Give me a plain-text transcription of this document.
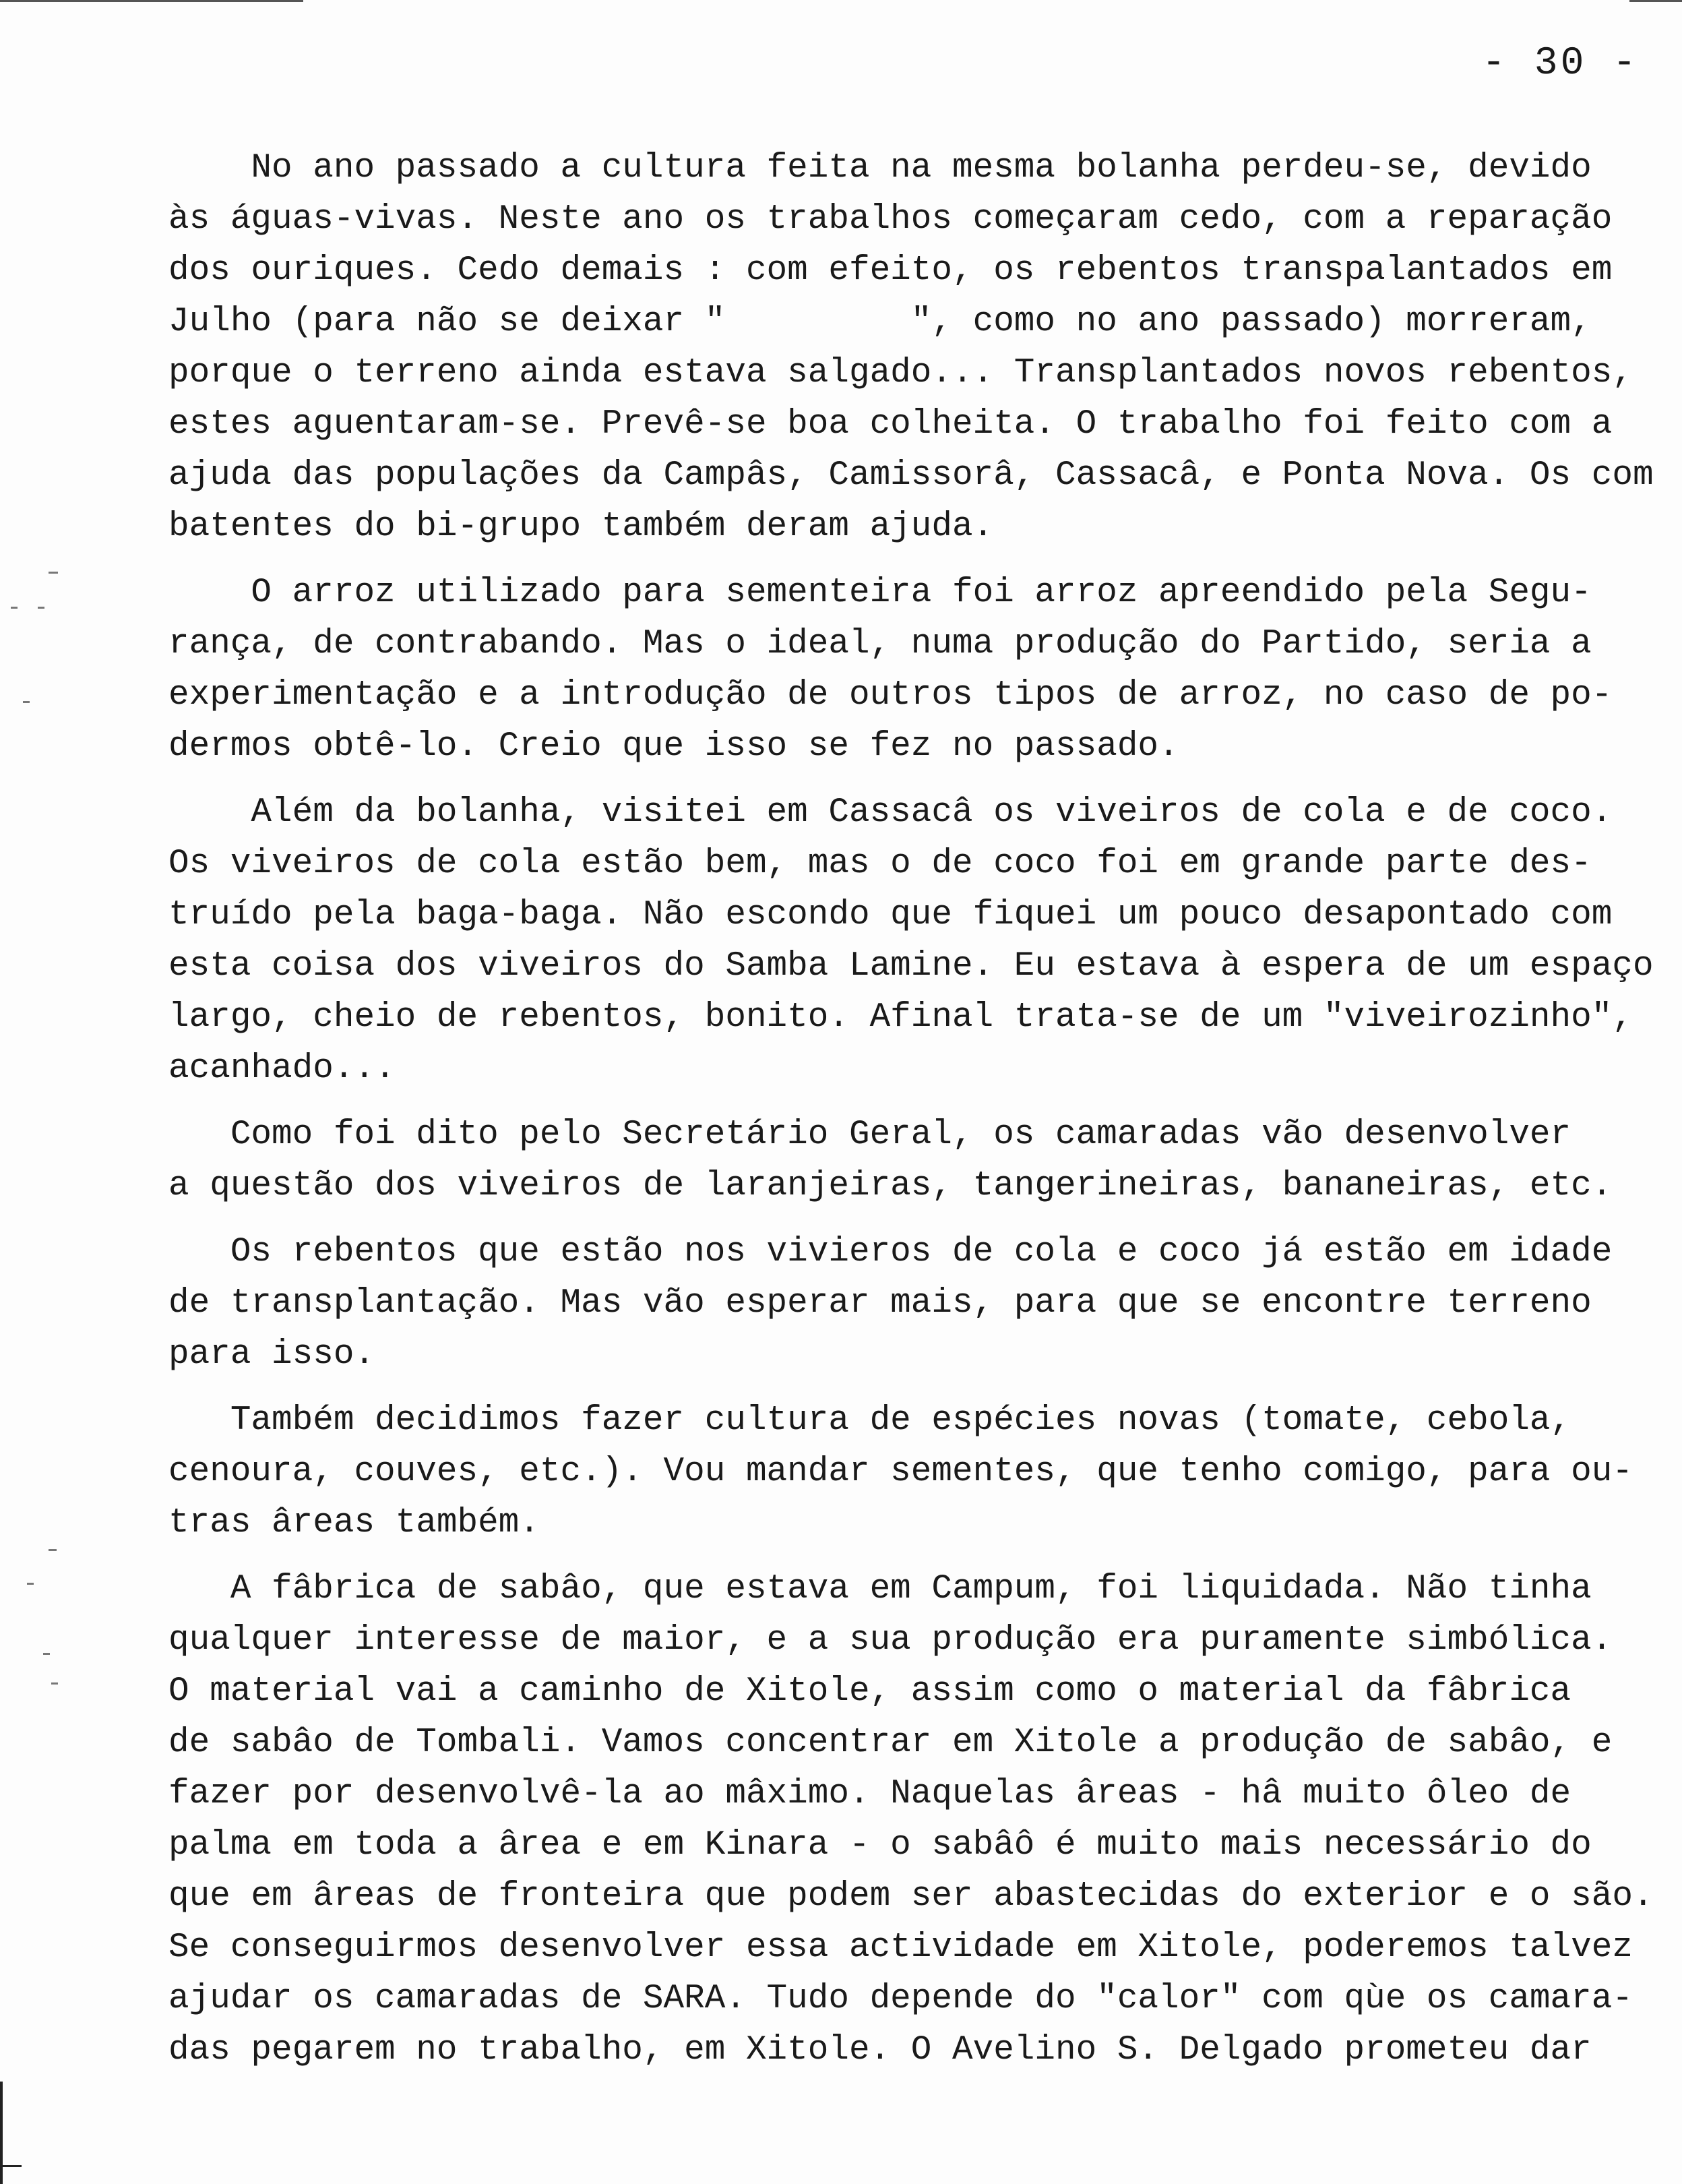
- 30 -
No ano passado a cultura feita na mesma bolanha perdeu-se, devido
às águas-vivas. Neste ano os trabalhos começaram cedo, com a reparação
dos ouriques. Cedo demais : com efeito, os rebentos transpalantados em
Julho (para não se deixar "         ", como no ano passado) morreram,
porque o terreno ainda estava salgado... Transplantados novos rebentos,
estes aguentaram-se. Prevê-se boa colheita. O trabalho foi feito com a
ajuda das populações da Campâs, Camissorâ, Cassacâ, e Ponta Nova. Os com
batentes do bi-grupo também deram ajuda.
O arroz utilizado para sementeira foi arroz apreendido pela Segu-
rança, de contrabando. Mas o ideal, numa produção do Partido, seria a
experimentação e a introdução de outros tipos de arroz, no caso de po-
dermos obtê-lo. Creio que isso se fez no passado.
Além da bolanha, visitei em Cassacâ os viveiros de cola e de coco.
Os viveiros de cola estão bem, mas o de coco foi em grande parte des-
truído pela baga-baga. Não escondo que fiquei um pouco desapontado com
esta coisa dos viveiros do Samba Lamine. Eu estava à espera de um espaço
largo, cheio de rebentos, bonito. Afinal trata-se de um "viveirozinho",
acanhado...
Como foi dito pelo Secretário Geral, os camaradas vão desenvolver
a questão dos viveiros de laranjeiras, tangerineiras, bananeiras, etc.
Os rebentos que estão nos vivieros de cola e coco já estão em idade
de transplantação. Mas vão esperar mais, para que se encontre terreno
para isso.
Também decidimos fazer cultura de espécies novas (tomate, cebola,
cenoura, couves, etc.). Vou mandar sementes, que tenho comigo, para ou-
tras âreas também.
A fâbrica de sabâo, que estava em Campum, foi liquidada. Não tinha
qualquer interesse de maior, e a sua produção era puramente simbólica.
O material vai a caminho de Xitole, assim como o material da fâbrica
de sabâo de Tombali. Vamos concentrar em Xitole a produção de sabâo, e
fazer por desenvolvê-la ao mâximo. Naquelas âreas - hâ muito ôleo de
palma em toda a ârea e em Kinara - o sabâô é muito mais necessário do
que em âreas de fronteira que podem ser abastecidas do exterior e o são.
Se conseguirmos desenvolver essa actividade em Xitole, poderemos talvez
ajudar os camaradas de SARA. Tudo depende do "calor" com qùe os camara-
das pegarem no trabalho, em Xitole. O Avelino S. Delgado prometeu dar
